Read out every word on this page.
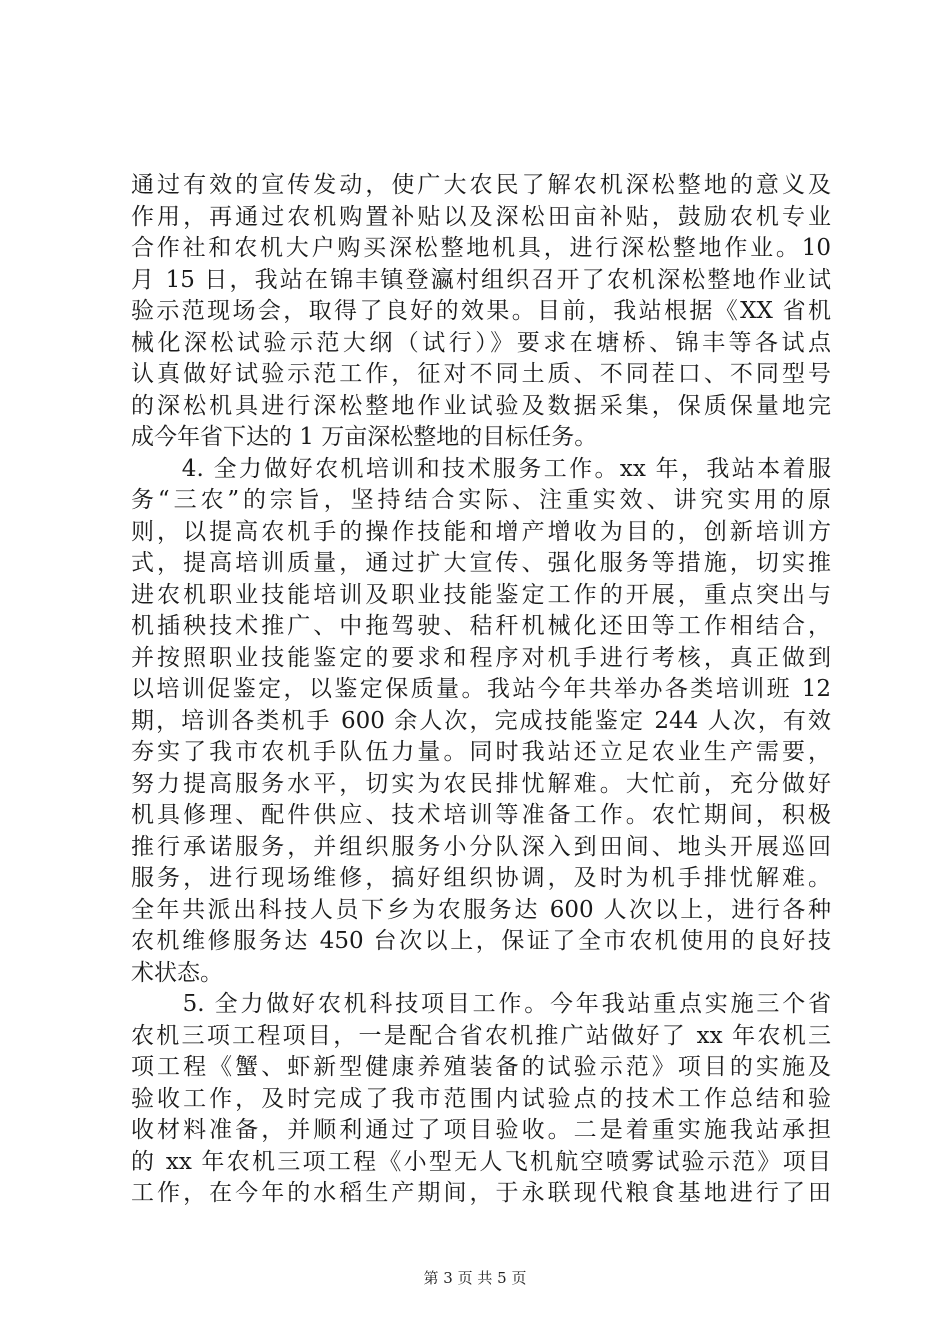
通过有效的宣传发动，使广大农民了解农机深松整地的意义及
作用，再通过农机购置补贴以及深松田亩补贴，鼓励农机专业
合作社和农机大户购买深松整地机具，进行深松整地作业。10
月 15 日，我站在锦丰镇登瀛村组织召开了农机深松整地作业试
验示范现场会，取得了良好的效果。目前，我站根据《XX 省机
械化深松试验示范大纲（试行）》要求在塘桥、锦丰等各试点
认真做好试验示范工作，征对不同土质、不同茬口、不同型号
的深松机具进行深松整地作业试验及数据采集，保质保量地完
成今年省下达的 1 万亩深松整地的目标任务。
　　4. 全力做好农机培训和技术服务工作。xx 年，我站本着服
务“三农”的宗旨，坚持结合实际、注重实效、讲究实用的原
则，以提高农机手的操作技能和增产增收为目的，创新培训方
式，提高培训质量，通过扩大宣传、强化服务等措施，切实推
进农机职业技能培训及职业技能鉴定工作的开展，重点突出与
机插秧技术推广、中拖驾驶、秸秆机械化还田等工作相结合，
并按照职业技能鉴定的要求和程序对机手进行考核，真正做到
以培训促鉴定，以鉴定保质量。我站今年共举办各类培训班 12
期，培训各类机手 600 余人次，完成技能鉴定 244 人次，有效
夯实了我市农机手队伍力量。同时我站还立足农业生产需要，
努力提高服务水平，切实为农民排忧解难。大忙前，充分做好
机具修理、配件供应、技术培训等准备工作。农忙期间，积极
推行承诺服务，并组织服务小分队深入到田间、地头开展巡回
服务，进行现场维修，搞好组织协调，及时为机手排忧解难。
全年共派出科技人员下乡为农服务达 600 人次以上，进行各种
农机维修服务达 450 台次以上，保证了全市农机使用的良好技
术状态。
　　5. 全力做好农机科技项目工作。今年我站重点实施三个省
农机三项工程项目，一是配合省农机推广站做好了 xx 年农机三
项工程《蟹、虾新型健康养殖装备的试验示范》项目的实施及
验收工作，及时完成了我市范围内试验点的技术工作总结和验
收材料准备，并顺利通过了项目验收。二是着重实施我站承担
的 xx 年农机三项工程《小型无人飞机航空喷雾试验示范》项目
工作，在今年的水稻生产期间，于永联现代粮食基地进行了田
第 3 页 共 5 页
